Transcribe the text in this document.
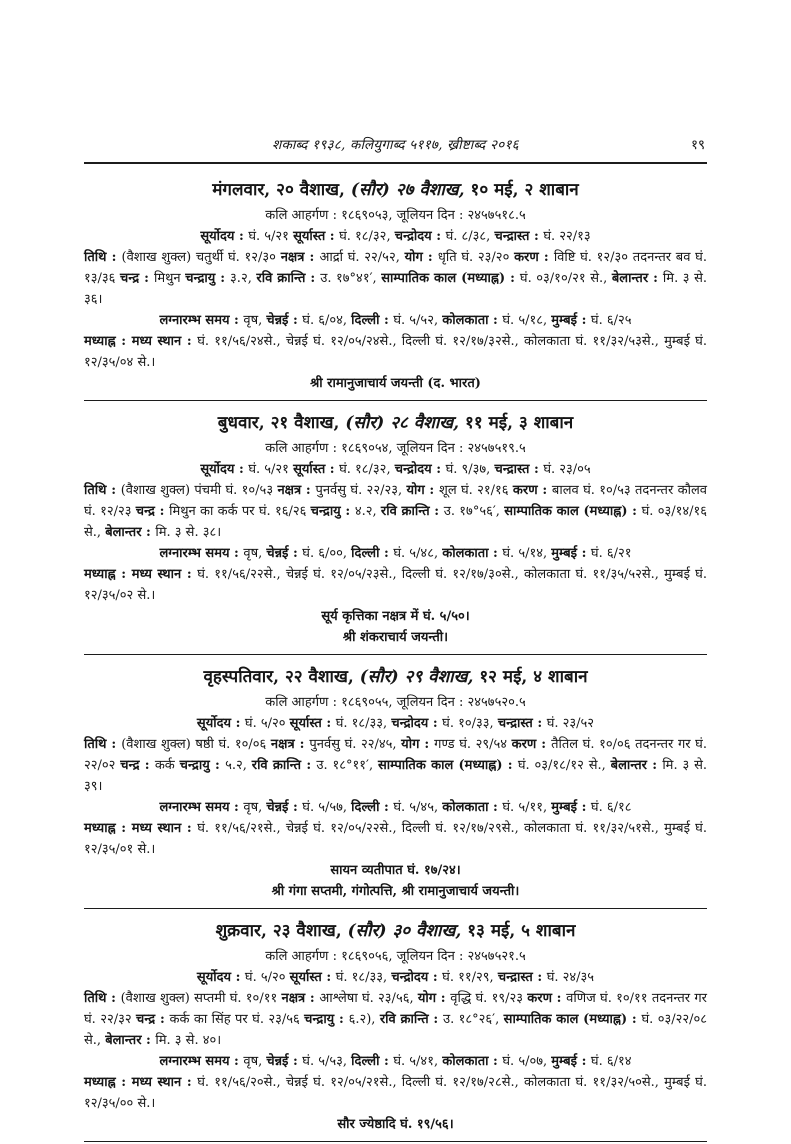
शकाब्द १९३८, कलियुगाब्द ५११७, ख्रीष्टाब्द २०१६	१९
मंगलवार, २० वैशाख, (सौर) २७ वैशाख, १० मई, २ शाबान
कलि आहर्गण : १८६९०५३, जूलियन दिन : २४५७५१८.५
सूर्योदय : घं. ५/२१ सूर्यास्त : घं. १८/३२, चन्द्रोदय : घं. ८/३८, चन्द्रास्त : घं. २२/१३
तिथि : (वैशाख शुक्ल) चतुर्थी घं. १२/३० नक्षत्र : आर्द्रा घं. २२/५२, योग : धृति घं. २३/२० करण : विष्टि घं. १२/३० तदनन्तर बव घं. १३/३६ चन्द्र : मिथुन चन्द्रायु : ३.२, रवि क्रान्ति : उ. १७°४१′, साम्पातिक काल (मध्याह्न) : घं. ०३/१०/२१ से., बेलान्तर : मि. ३ से. ३६।
लग्नारम्भ समय : वृष, चेन्नई : घं. ६/०४, दिल्ली : घं. ५/५२, कोलकाता : घं. ५/१८, मुम्बई : घं. ६/२५
मध्याह्न : मध्य स्थान : घं. ११/५६/२४से., चेन्नई घं. १२/०५/२४से., दिल्ली घं. १२/१७/३२से., कोलकाता घं. ११/३२/५३से., मुम्बई घं. १२/३५/०४ से.।
श्री रामानुजाचार्य जयन्ती (द. भारत)
बुधवार, २१ वैशाख, (सौर) २८ वैशाख, ११ मई, ३ शाबान
कलि आहर्गण : १८६९०५४, जूलियन दिन : २४५७५१९.५
सूर्योदय : घं. ५/२१ सूर्यास्त : घं. १८/३२, चन्द्रोदय : घं. ९/३७, चन्द्रास्त : घं. २३/०५
तिथि : (वैशाख शुक्ल) पंचमी घं. १०/५३ नक्षत्र : पुनर्वसु घं. २२/२३, योग : शूल घं. २१/१६ करण : बालव घं. १०/५३ तदनन्तर कौलव घं. १२/२३ चन्द्र : मिथुन का कर्क पर घं. १६/२६ चन्द्रायु : ४.२, रवि क्रान्ति : उ. १७°५६′, साम्पातिक काल (मध्याह्न) : घं. ०३/१४/१६ से., बेलान्तर : मि. ३ से. ३८।
लग्नारम्भ समय : वृष, चेन्नई : घं. ६/००, दिल्ली : घं. ५/४८, कोलकाता : घं. ५/१४, मुम्बई : घं. ६/२१
मध्याह्न : मध्य स्थान : घं. ११/५६/२२से., चेन्नई घं. १२/०५/२३से., दिल्ली घं. १२/१७/३०से., कोलकाता घं. ११/३५/५२से., मुम्बई घं. १२/३५/०२ से.।
सूर्य कृत्तिका नक्षत्र में घं. ५/५०।
श्री शंकराचार्य जयन्ती।
वृहस्पतिवार, २२ वैशाख, (सौर) २९ वैशाख, १२ मई, ४ शाबान
कलि आहर्गण : १८६९०५५, जूलियन दिन : २४५७५२०.५
सूर्योदय : घं. ५/२० सूर्यास्त : घं. १८/३३, चन्द्रोदय : घं. १०/३३, चन्द्रास्त : घं. २३/५२
तिथि : (वैशाख शुक्ल) षष्ठी घं. १०/०६ नक्षत्र : पुनर्वसु घं. २२/४५, योग : गण्ड घं. २९/५४ करण : तैतिल घं. १०/०६ तदनन्तर गर घं. २२/०२ चन्द्र : कर्क चन्द्रायु : ५.२, रवि क्रान्ति : उ. १८°११′, साम्पातिक काल (मध्याह्न) : घं. ०३/१८/१२ से., बेलान्तर : मि. ३ से. ३९।
लग्नारम्भ समय : वृष, चेन्नई : घं. ५/५७, दिल्ली : घं. ५/४५, कोलकाता : घं. ५/११, मुम्बई : घं. ६/१८
मध्याह्न : मध्य स्थान : घं. ११/५६/२१से., चेन्नई घं. १२/०५/२२से., दिल्ली घं. १२/१७/२९से., कोलकाता घं. ११/३२/५१से., मुम्बई घं. १२/३५/०१ से.।
सायन व्यतीपात घं. १७/२४।
श्री गंगा सप्तमी, गंगोत्पत्ति, श्री रामानुजाचार्य जयन्ती।
शुक्रवार, २३ वैशाख, (सौर) ३० वैशाख, १३ मई, ५ शाबान
कलि आहर्गण : १८६९०५६, जूलियन दिन : २४५७५२१.५
सूर्योदय : घं. ५/२० सूर्यास्त : घं. १८/३३, चन्द्रोदय : घं. ११/२९, चन्द्रास्त : घं. २४/३५
तिथि : (वैशाख शुक्ल) सप्तमी घं. १०/११ नक्षत्र : आश्लेषा घं. २३/५६, योग : वृद्धि घं. १९/२३ करण : वणिज घं. १०/११ तदनन्तर गर घं. २२/३२ चन्द्र : कर्क का सिंह पर घं. २३/५६ चन्द्रायु : ६.२), रवि क्रान्ति : उ. १८°२६′, साम्पातिक काल (मध्याह्न) : घं. ०३/२२/०८ से., बेलान्तर : मि. ३ से. ४०।
लग्नारम्भ समय : वृष, चेन्नई : घं. ५/५३, दिल्ली : घं. ५/४१, कोलकाता : घं. ५/०७, मुम्बई : घं. ६/१४
मध्याह्न : मध्य स्थान : घं. ११/५६/२०से., चेन्नई घं. १२/०५/२१से., दिल्ली घं. १२/१७/२८से., कोलकाता घं. ११/३२/५०से., मुम्बई घं. १२/३५/०० से.।
सौर ज्येष्ठादि घं. १९/५६।
